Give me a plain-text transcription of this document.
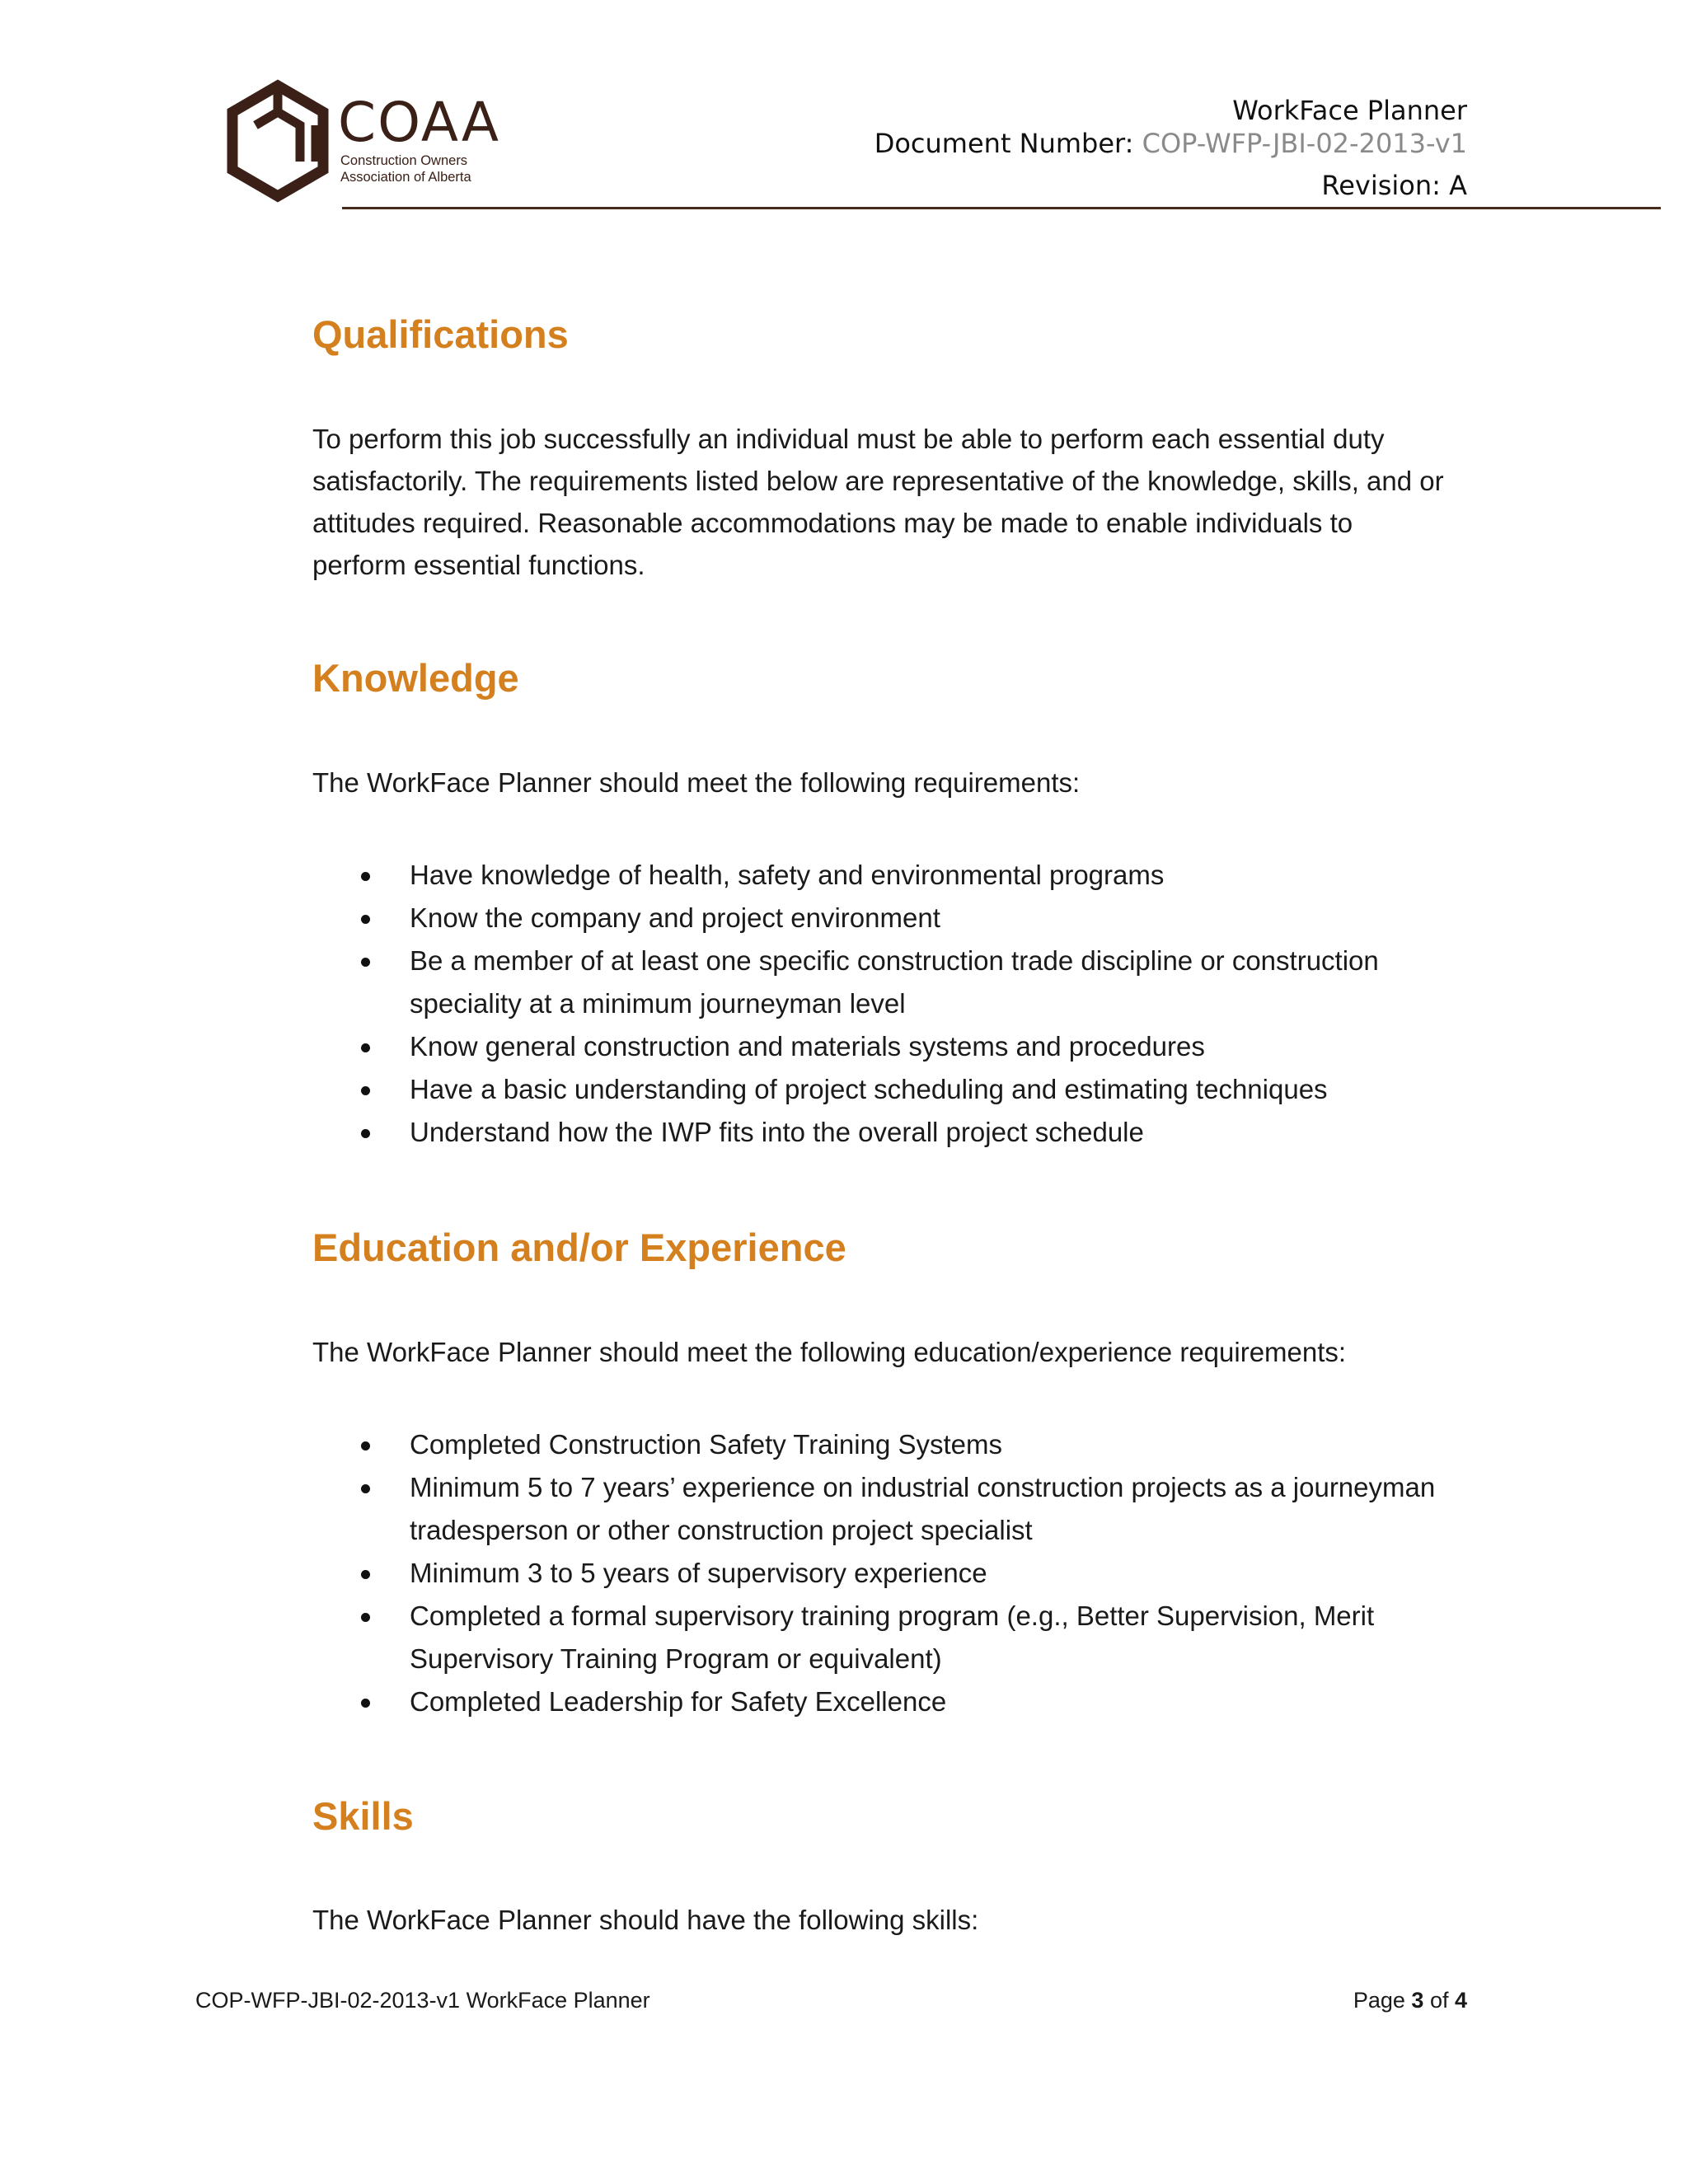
COAA
Construction Owners
Association of Alberta
WorkFace Planner
Document Number: COP-WFP-JBI-02-2013-v1
Revision: A
Qualifications

To perform this job successfully an individual must be able to perform each essential duty

satisfactorily. The requirements listed below are representative of the knowledge, skills, and or

attitudes required. Reasonable accommodations may be made to enable individuals to

perform essential functions.

Knowledge

The WorkFace Planner should meet the following requirements:

Have knowledge of health, safety and environmental programs
Know the company and project environment
Be a member of at least one specific construction trade discipline or construction
speciality at a minimum journeyman level
Know general construction and materials systems and procedures
Have a basic understanding of project scheduling and estimating techniques
Understand how the IWP fits into the overall project schedule
Education and/or Experience

The WorkFace Planner should meet the following education/experience requirements:

Completed Construction Safety Training Systems
Minimum 5 to 7 years’ experience on industrial construction projects as a journeyman
tradesperson or other construction project specialist
Minimum 3 to 5 years of supervisory experience
Completed a formal supervisory training program (e.g., Better Supervision, Merit
Supervisory Training Program or equivalent)
Completed Leadership for Safety Excellence
Skills

The WorkFace Planner should have the following skills:

COP-WFP-JBI-02-2013-v1 WorkFace Planner	Page 3 of 4
